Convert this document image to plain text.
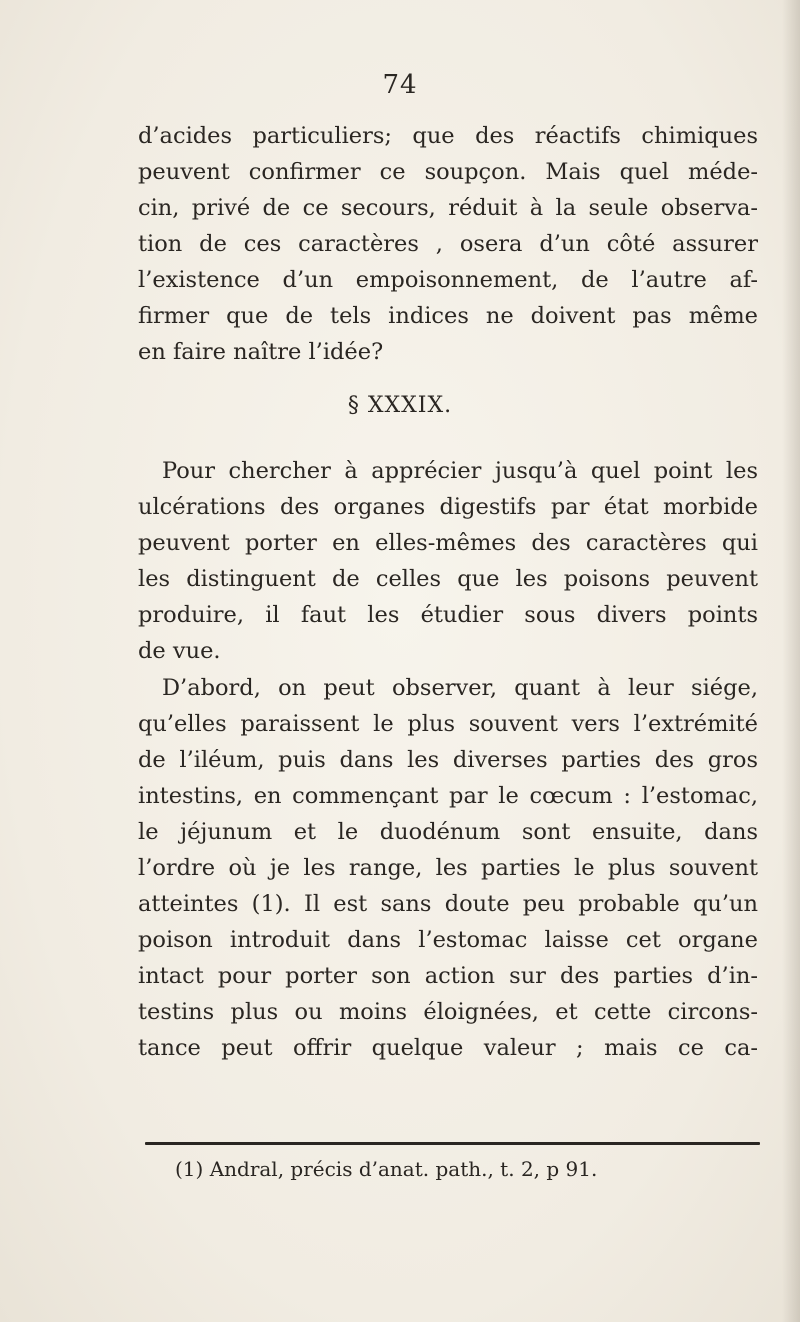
74
d’acides particuliers; que des réactifs chimiques
peuvent confirmer ce soupçon. Mais quel méde-
cin, privé de ce secours, réduit à la seule observa-
tion de ces caractères , osera d’un côté assurer
l’existence d’un empoisonnement, de l’autre af-
firmer que de tels indices ne doivent pas même
en faire naître l’idée?
§ XXXIX.
Pour chercher à apprécier jusqu’à quel point les
ulcérations des organes digestifs par état morbide
peuvent porter en elles-mêmes des caractères qui
les distinguent de celles que les poisons peuvent
produire, il faut les étudier sous divers points
de vue.
D’abord, on peut observer, quant à leur siége,
qu’elles paraissent le plus souvent vers l’extrémité
de l’iléum, puis dans les diverses parties des gros
intestins, en commençant par le cœcum : l’estomac,
le jéjunum et le duodénum sont ensuite, dans
l’ordre où je les range, les parties le plus souvent
atteintes (1). Il est sans doute peu probable qu’un
poison introduit dans l’estomac laisse cet organe
intact pour porter son action sur des parties d’in-
testins plus ou moins éloignées, et cette circons-
tance peut offrir quelque valeur ; mais ce ca-
(1) Andral, précis d’anat. path., t. 2, p 91.
